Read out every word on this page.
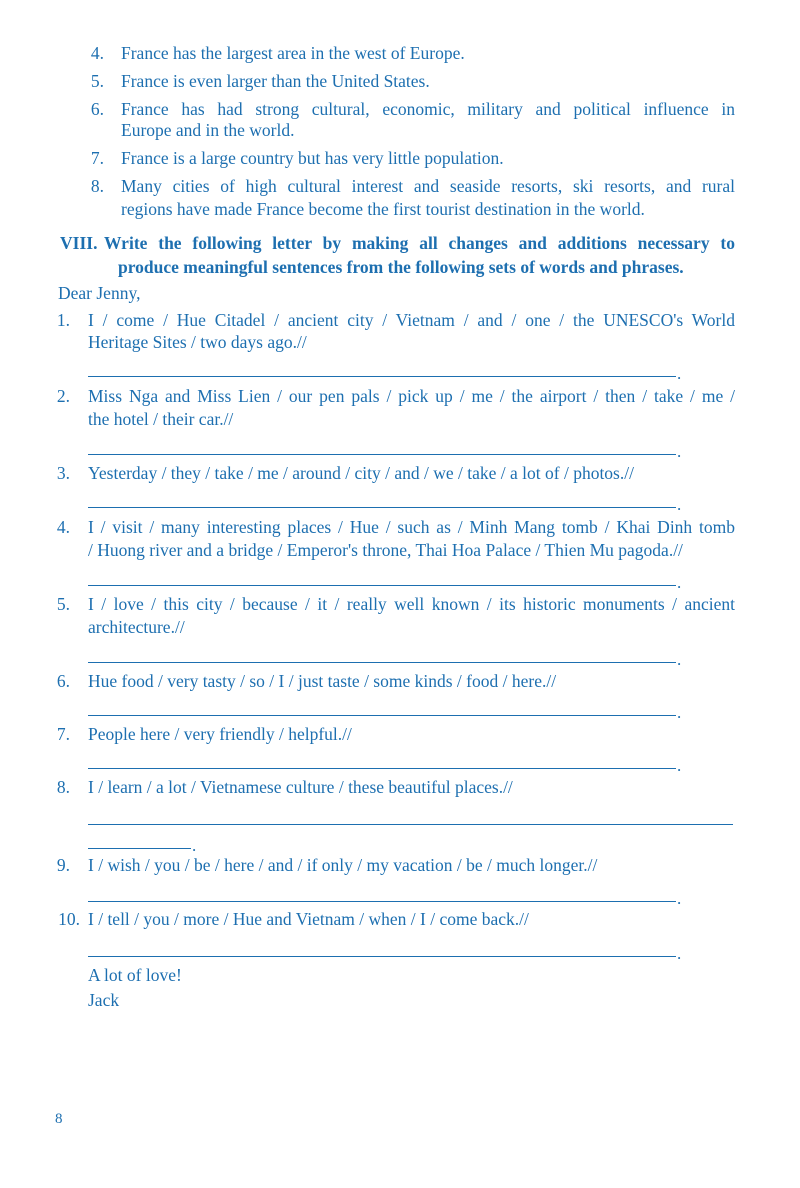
4. France has the largest area in the west of Europe.
5. France is even larger than the United States.
6. France has had strong cultural, economic, military and political influence in
Europe and in the world.
7. France is a large country but has very little population.
8. Many cities of high cultural interest and seaside resorts, ski resorts, and rural
regions have made France become the first tourist destination in the world.
VIII. Write the following letter by making all changes and additions necessary to
produce meaningful sentences from the following sets of words and phrases.
Dear Jenny,
1. I / come / Hue Citadel / ancient city / Vietnam / and / one / the UNESCO's World
Heritage Sites / two days ago.//
.
2. Miss Nga and Miss Lien / our pen pals / pick up / me / the airport / then / take / me /
the hotel / their car.//
.
3. Yesterday / they / take / me / around / city / and / we / take / a lot of / photos.//
.
4. I / visit / many interesting places / Hue / such as / Minh Mang tomb / Khai Dinh tomb
/ Huong river and a bridge / Emperor's throne, Thai Hoa Palace / Thien Mu pagoda.//
.
5. I / love / this city / because / it / really well known / its historic monuments / ancient
architecture.//
.
6. Hue food / very tasty / so / I / just taste / some kinds / food / here.//
.
7. People here / very friendly / helpful.//
.
8. I / learn / a lot / Vietnamese culture / these beautiful places.//
.
9. I / wish / you / be / here / and / if only / my vacation / be / much longer.//
.
10. I / tell / you / more / Hue and Vietnam / when / I / come back.//
.
A lot of love!
Jack
8
